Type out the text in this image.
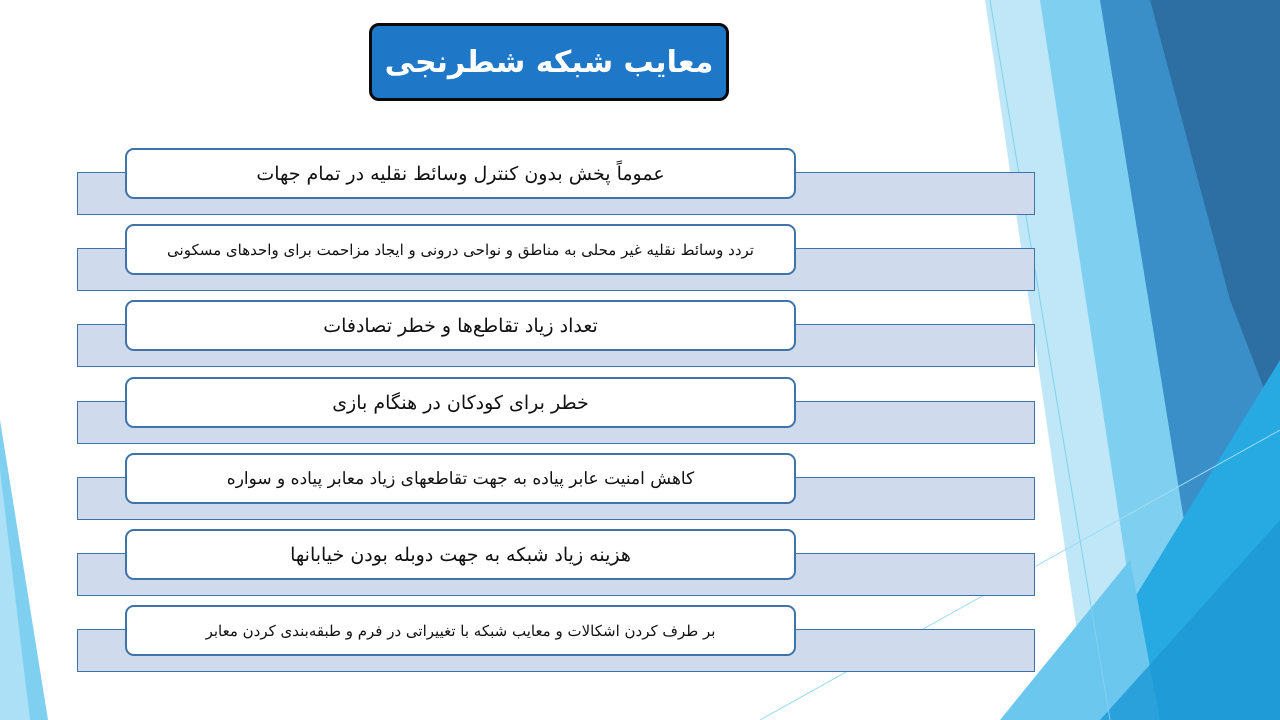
معایب شبکه شطرنجی
عموماً پخش بدون کنترل وسائط نقلیه در تمام جهات
تردد وسائط نقلیه غیر محلی به مناطق و نواحی درونی و ایجاد مزاحمت برای واحدهای مسکونی
تعداد زیاد تقاطع‌ها و خطر تصادفات
خطر برای کودکان در هنگام بازی
کاهش امنیت عابر پیاده به جهت تقاطعهای زیاد معابر پیاده و سواره
هزینه زیاد شبکه به جهت دوبله بودن خیابانها
بر طرف کردن اشکالات و معایب شبکه با تغییراتی در فرم و طبقه‌بندی کردن معابر
